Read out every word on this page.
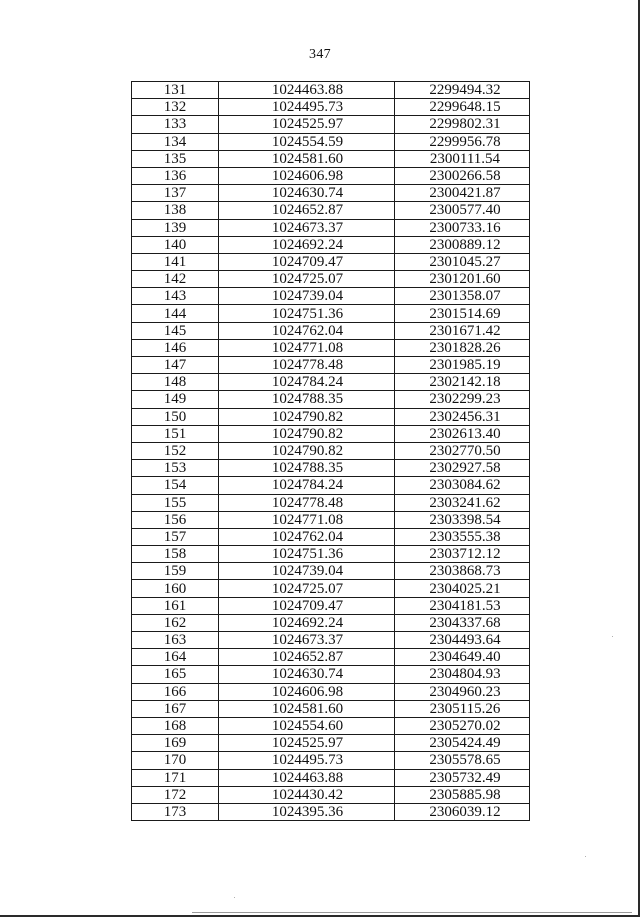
347
131	1024463.88	2299494.32
132	1024495.73	2299648.15
133	1024525.97	2299802.31
134	1024554.59	2299956.78
135	1024581.60	2300111.54
136	1024606.98	2300266.58
137	1024630.74	2300421.87
138	1024652.87	2300577.40
139	1024673.37	2300733.16
140	1024692.24	2300889.12
141	1024709.47	2301045.27
142	1024725.07	2301201.60
143	1024739.04	2301358.07
144	1024751.36	2301514.69
145	1024762.04	2301671.42
146	1024771.08	2301828.26
147	1024778.48	2301985.19
148	1024784.24	2302142.18
149	1024788.35	2302299.23
150	1024790.82	2302456.31
151	1024790.82	2302613.40
152	1024790.82	2302770.50
153	1024788.35	2302927.58
154	1024784.24	2303084.62
155	1024778.48	2303241.62
156	1024771.08	2303398.54
157	1024762.04	2303555.38
158	1024751.36	2303712.12
159	1024739.04	2303868.73
160	1024725.07	2304025.21
161	1024709.47	2304181.53
162	1024692.24	2304337.68
163	1024673.37	2304493.64
164	1024652.87	2304649.40
165	1024630.74	2304804.93
166	1024606.98	2304960.23
167	1024581.60	2305115.26
168	1024554.60	2305270.02
169	1024525.97	2305424.49
170	1024495.73	2305578.65
171	1024463.88	2305732.49
172	1024430.42	2305885.98
173	1024395.36	2306039.12
